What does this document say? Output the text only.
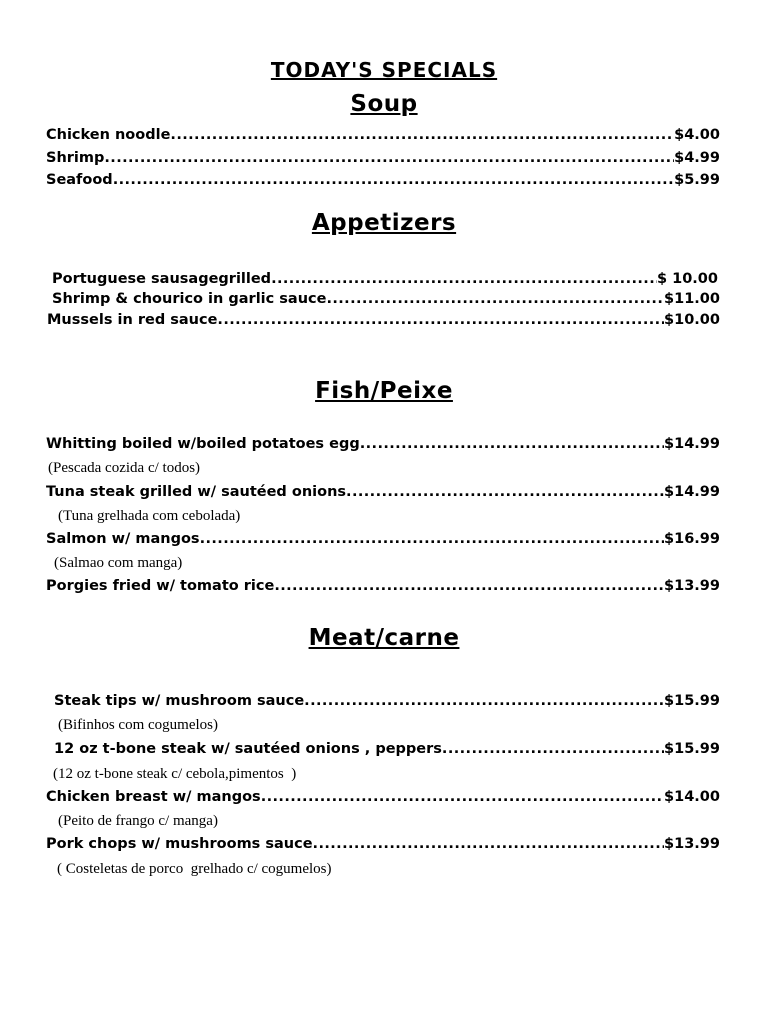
TODAY'S SPECIALS
Soup
Chicken noodle .....	$4.00
Shrimp .....	$4.99
Seafood .....	$5.99
Appetizers
Portuguese sausagegrilled .....	$ 10.00
Shrimp & chourico in garlic sauce .....	$11.00
Mussels in red sauce .....	$10.00
Fish/Peixe
Whitting boiled w/boiled potatoes egg .....	$14.99
(Pescada cozida c/ todos)
Tuna steak grilled w/ sautéed onions .....	$14.99
(Tuna grelhada com cebolada)
Salmon w/ mangos .....	$16.99
(Salmao com manga)
Porgies fried w/ tomato rice .....	$13.99
Meat/carne
Steak tips w/ mushroom sauce .....	$15.99
(Bifinhos com cogumelos)
12 oz t-bone steak w/ sautéed onions , peppers .....	$15.99
(12 oz t-bone steak c/ cebola,pimentos  )
Chicken breast w/ mangos .....	$14.00
(Peito de frango c/ manga)
Pork chops w/ mushrooms sauce .....	$13.99
( Costeletas de porco  grelhado c/ cogumelos)
